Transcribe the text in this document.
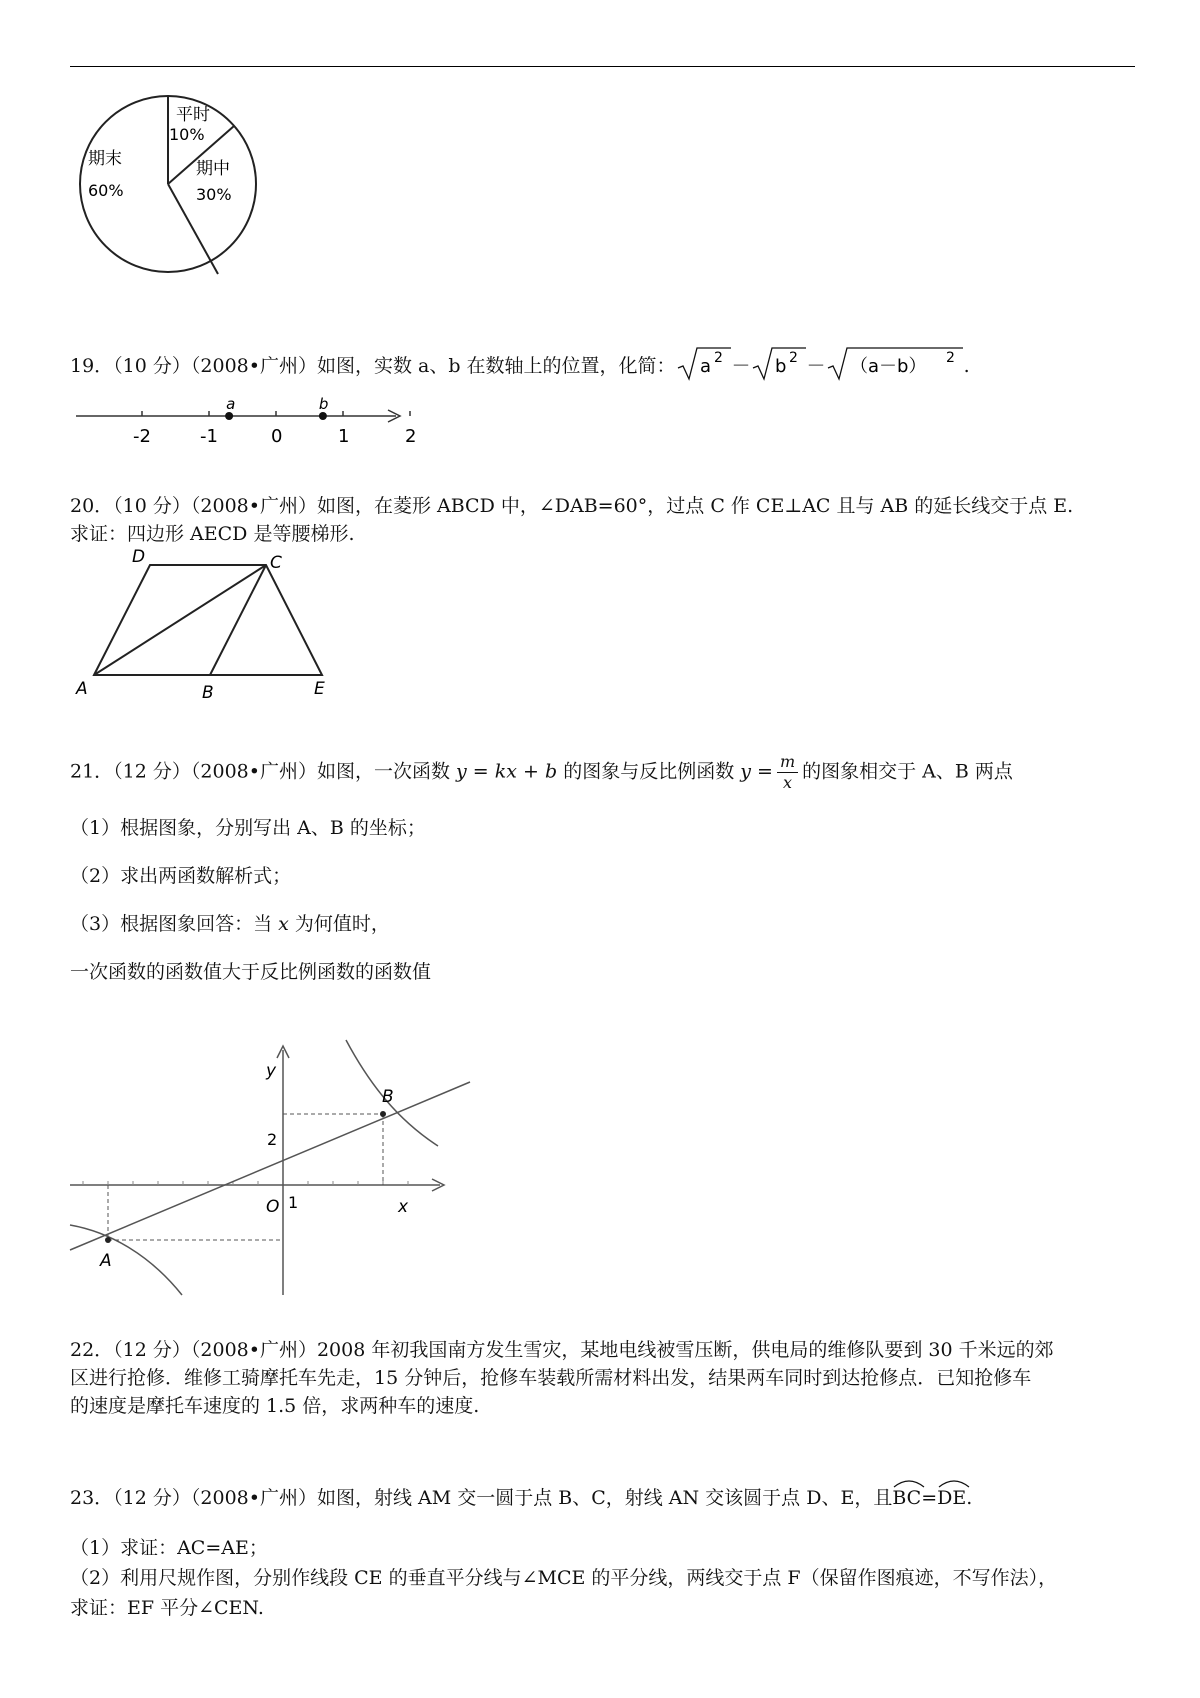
平时
10%
期中
30%
期末
60%
19．（10 分）（2008•广州）如图，实数 a、b 在数轴上的位置，化简： a 2 － b 2 － （a－b） 2 .
-2	-1	0	1	2
a	b
20．（10 分）（2008•广州）如图，在菱形 ABCD 中，∠DAB=60°，过点 C 作 CE⊥AC 且与 AB 的延长线交于点 E.
求证：四边形 AECD 是等腰梯形.
D	C
A	B	E
21．（12 分）（2008•广州）如图，一次函数 y = kx + b 的图象与反比例函数 $y = \frac{m}{x}$ 的图象相交于 A、B 两点
（1）根据图象，分别写出 A、B 的坐标；
（2）求出两函数解析式；
（3）根据图象回答：当 x 为何值时，
一次函数的函数值大于反比例函数的函数值
y
x
O 1
2
B
A
22．（12 分）（2008•广州）2008 年初我国南方发生雪灾，某地电线被雪压断，供电局的维修队要到 30 千米远的郊
区进行抢修．维修工骑摩托车先走，15 分钟后，抢修车装载所需材料出发，结果两车同时到达抢修点．已知抢修车
的速度是摩托车速度的 1.5 倍，求两种车的速度.
23．（12 分）（2008•广州）如图，射线 AM 交一圆于点 B、C，射线 AN 交该圆于点 D、E，且
BC=
DE.
（1）求证：AC=AE；
（2）利用尺规作图，分别作线段 CE 的垂直平分线与∠MCE 的平分线，两线交于点 F（保留作图痕迹，不写作法），
求证：EF 平分∠CEN.
